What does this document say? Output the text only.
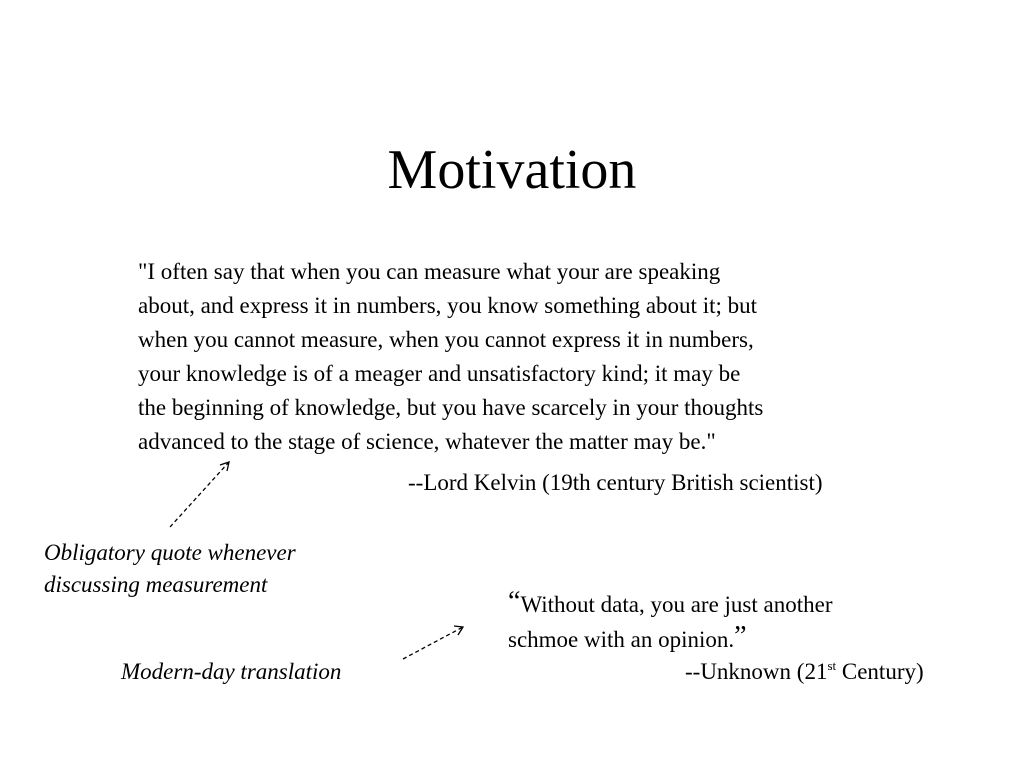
Motivation
"I often say that when you can measure what your are speaking
about, and express it in numbers, you know something about it; but
when you cannot measure, when you cannot express it in numbers,
your knowledge is of a meager and unsatisfactory kind; it may be
the beginning of knowledge, but you have scarcely in your thoughts
advanced to the stage of science, whatever the matter may be."
--Lord Kelvin (19th century British scientist)
Obligatory quote whenever
discussing measurement
Modern-day translation
“Without data, you are just another
schmoe with an opinion.”
--Unknown (21st Century)
